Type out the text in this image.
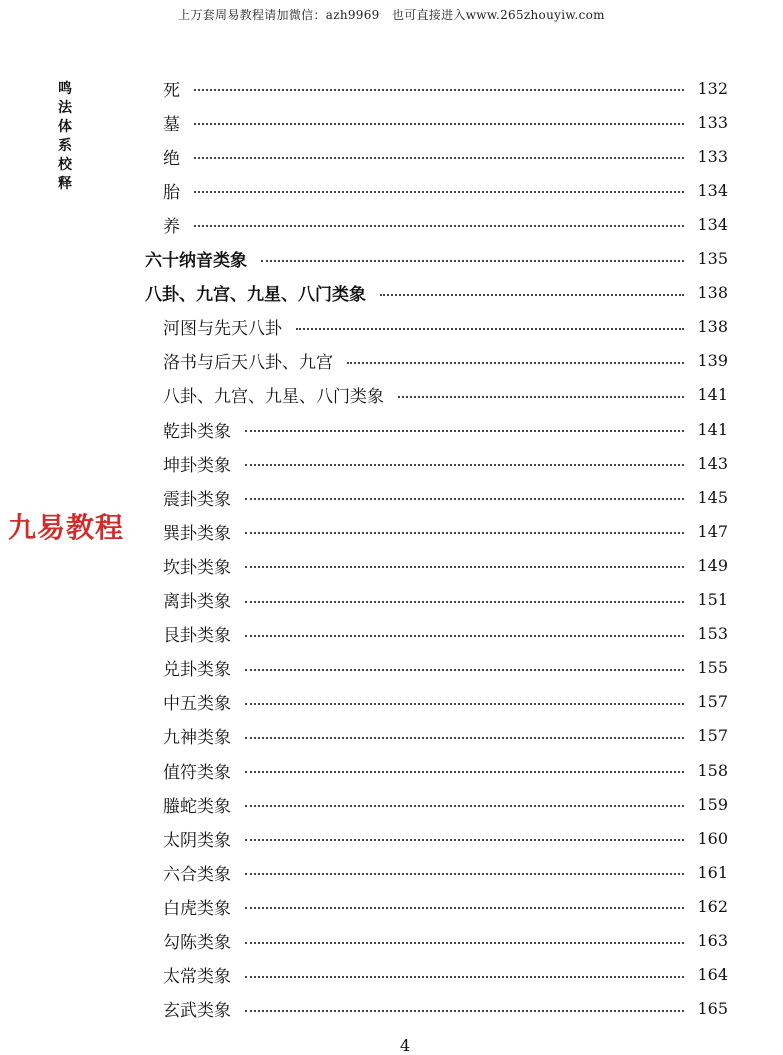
上万套周易教程请加微信：azh9969　也可直接进入www.265zhouyiw.com
鸣
法
体
系
校
释
九易教程
死	132
墓	133
绝	133
胎	134
养	134
六十纳音类象	135
八卦、九宫、九星、八门类象	138
河图与先天八卦	138
洛书与后天八卦、九宫	139
八卦、九宫、九星、八门类象	141
乾卦类象	141
坤卦类象	143
震卦类象	145
巽卦类象	147
坎卦类象	149
离卦类象	151
艮卦类象	153
兑卦类象	155
中五类象	157
九神类象	157
值符类象	158
螣蛇类象	159
太阴类象	160
六合类象	161
白虎类象	162
勾陈类象	163
太常类象	164
玄武类象	165
4
